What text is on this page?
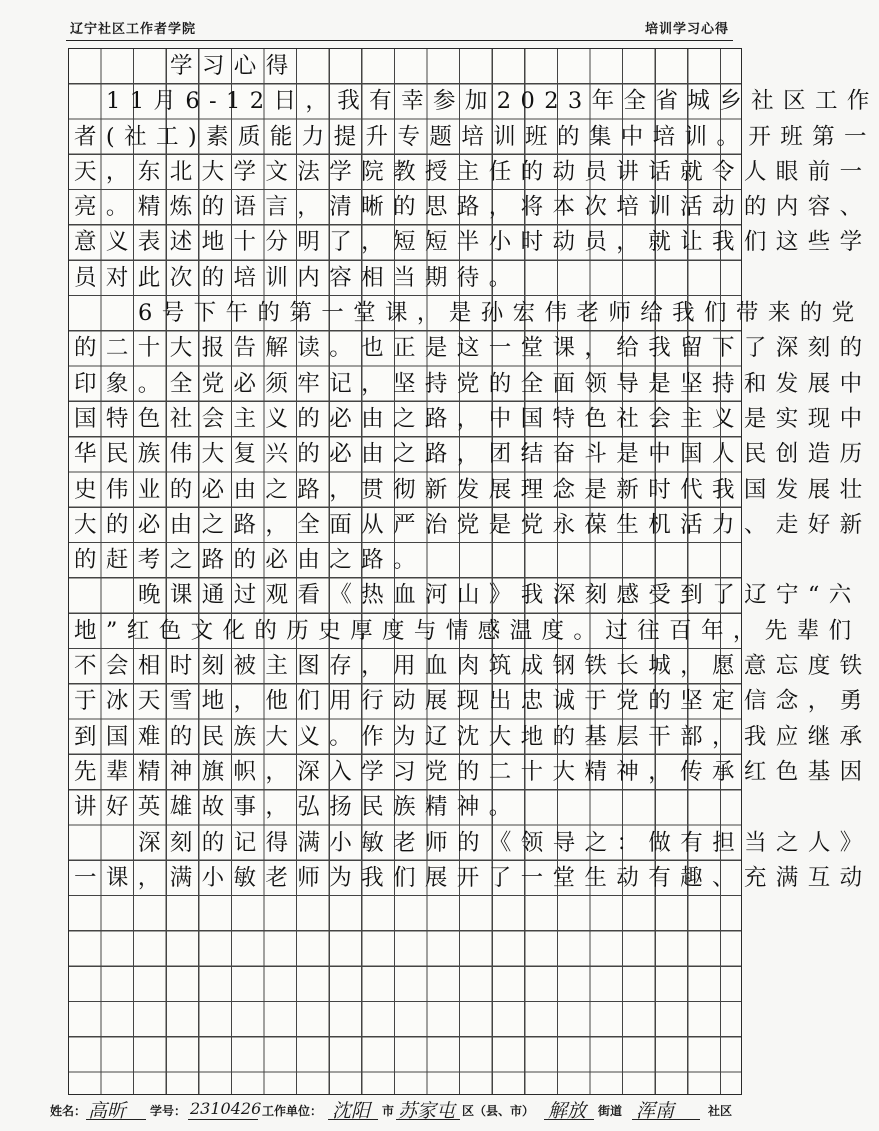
辽宁社区工作者学院	培训学习心得
学习心得
11月6-12日，我有幸参加2023年全省城乡社区工作
者(社工)素质能力提升专题培训班的集中培训。开班第一
天，东北大学文法学院教授主任的动员讲话就令人眼前一
亮。精炼的语言，清晰的思路，将本次培训活动的内容、
意义表述地十分明了，短短半小时动员，就让我们这些学
员对此次的培训内容相当期待。
6号下午的第一堂课，是孙宏伟老师给我们带来的党
的二十大报告解读。也正是这一堂课，给我留下了深刻的
印象。全党必须牢记，坚持党的全面领导是坚持和发展中
国特色社会主义的必由之路，中国特色社会主义是实现中
华民族伟大复兴的必由之路，团结奋斗是中国人民创造历
史伟业的必由之路，贯彻新发展理念是新时代我国发展壮
大的必由之路，全面从严治党是党永葆生机活力、走好新
的赶考之路的必由之路。
晚课通过观看《热血河山》我深刻感受到了辽宁“六
地”红色文化的历史厚度与情感温度。过往百年，先辈们
不会相时刻被主图存，用血肉筑成钢铁长城，愿意忘度铁
于冰天雪地，他们用行动展现出忠诚于党的坚定信念，勇
到国难的民族大义。作为辽沈大地的基层干部，我应继承
先辈精神旗帜，深入学习党的二十大精神，传承红色基因
讲好英雄故事，弘扬民族精神。
深刻的记得满小敏老师的《领导之：做有担当之人》
一课，满小敏老师为我们展开了一堂生动有趣、充满互动
姓名： 高昕 学号： 2310426 工作单位： 沈阳 市 苏家屯 区（县、市） 解放 街道 浑南	社区
